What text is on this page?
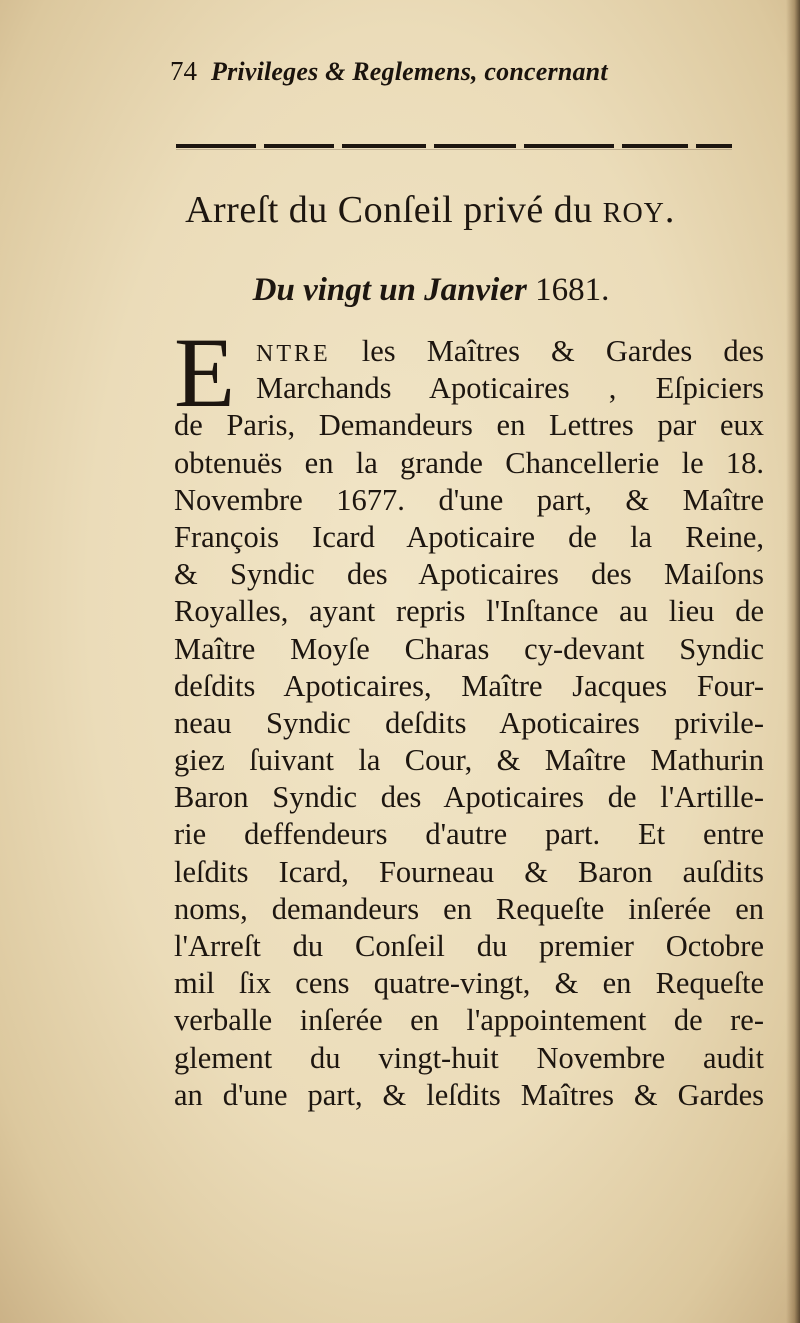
74 Privileges & Reglemens, concernant
Arreſt du Conſeil privé du ROY.
Du vingt un Janvier 1681.
E NTRE les Maîtres & Gardes des
Marchands Apoticaires , Eſpiciers
de Paris, Demandeurs en Lettres par eux
obtenuës en la grande Chancellerie le 18.
Novembre 1677. d'une part, & Maître
François Icard Apoticaire de la Reine,
& Syndic des Apoticaires des Maiſons
Royalles, ayant repris l'Inſtance au lieu de
Maître Moyſe Charas cy-devant Syndic
deſdits Apoticaires, Maître Jacques Four-
neau Syndic deſdits Apoticaires privile-
giez ſuivant la Cour, & Maître Mathurin
Baron Syndic des Apoticaires de l'Artille-
rie deffendeurs d'autre part. Et entre
leſdits Icard, Fourneau & Baron auſdits
noms, demandeurs en Requeſte inſerée en
l'Arreſt du Conſeil du premier Octobre
mil ſix cens quatre-vingt, & en Requeſte
verballe inſerée en l'appointement de re-
glement du vingt-huit Novembre audit
an d'une part, & leſdits Maîtres & Gardes
